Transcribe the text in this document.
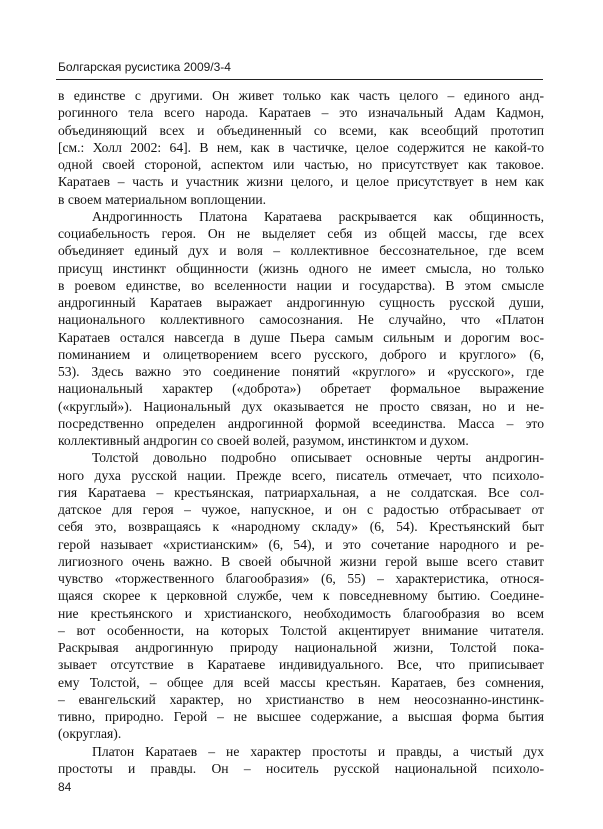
Болгарская русистика 2009/3-4
в единстве с другими. Он живет только как часть целого – единого анд-
рогинного тела всего народа. Каратаев – это изначальный Адам Кадмон,
объединяющий всех и объединенный со всеми, как всеобщий прототип
[см.: Холл 2002: 64]. В нем, как в частичке, целое содержится не какой-то
одной своей стороной, аспектом или частью, но присутствует как таковое.
Каратаев – часть и участник жизни целого, и целое присутствует в нем как
в своем материальном воплощении.
Андрогинность Платона Каратаева раскрывается как общинность,
социабельность героя. Он не выделяет себя из общей массы, где всех
объединяет единый дух и воля – коллективное бессознательное, где всем
присущ инстинкт общинности (жизнь одного не имеет смысла, но только
в роевом единстве, во вселенности нации и государства). В этом смысле
андрогинный Каратаев выражает андрогинную сущность русской души,
национального коллективного самосознания. Не случайно, что «Платон
Каратаев остался навсегда в душе Пьера самым сильным и дорогим вос-
поминанием и олицетворением всего русского, доброго и круглого» (6,
53). Здесь важно это соединение понятий «круглого» и «русского», где
национальный характер («доброта») обретает формальное выражение
(«круглый»). Национальный дух оказывается не просто связан, но и не-
посредственно определен андрогинной формой всеединства. Масса – это
коллективный андрогин со своей волей, разумом, инстинктом и духом.
Толстой довольно подробно описывает основные черты андрогин-
ного духа русской нации. Прежде всего, писатель отмечает, что психоло-
гия Каратаева – крестьянская, патриархальная, а не солдатская. Все сол-
датское для героя – чужое, напускное, и он с радостью отбрасывает от
себя это, возвращаясь к «народному складу» (6, 54). Крестьянский быт
герой называет «христианским» (6, 54), и это сочетание народного и ре-
лигиозного очень важно. В своей обычной жизни герой выше всего ставит
чувство «торжественного благообразия» (6, 55) – характеристика, относя-
щаяся скорее к церковной службе, чем к повседневному бытию. Соедине-
ние крестьянского и христианского, необходимость благообразия во всем
– вот особенности, на которых Толстой акцентирует внимание читателя.
Раскрывая андрогинную природу национальной жизни, Толстой пока-
зывает отсутствие в Каратаеве индивидуального. Все, что приписывает
ему Толстой, – общее для всей массы крестьян. Каратаев, без сомнения,
– евангельский характер, но христианство в нем неосознанно-инстинк-
тивно, природно. Герой – не высшее содержание, а высшая форма бытия
(округлая).
Платон Каратаев – не характер простоты и правды, а чистый дух
простоты и правды. Он – носитель русской национальной психоло-
84
